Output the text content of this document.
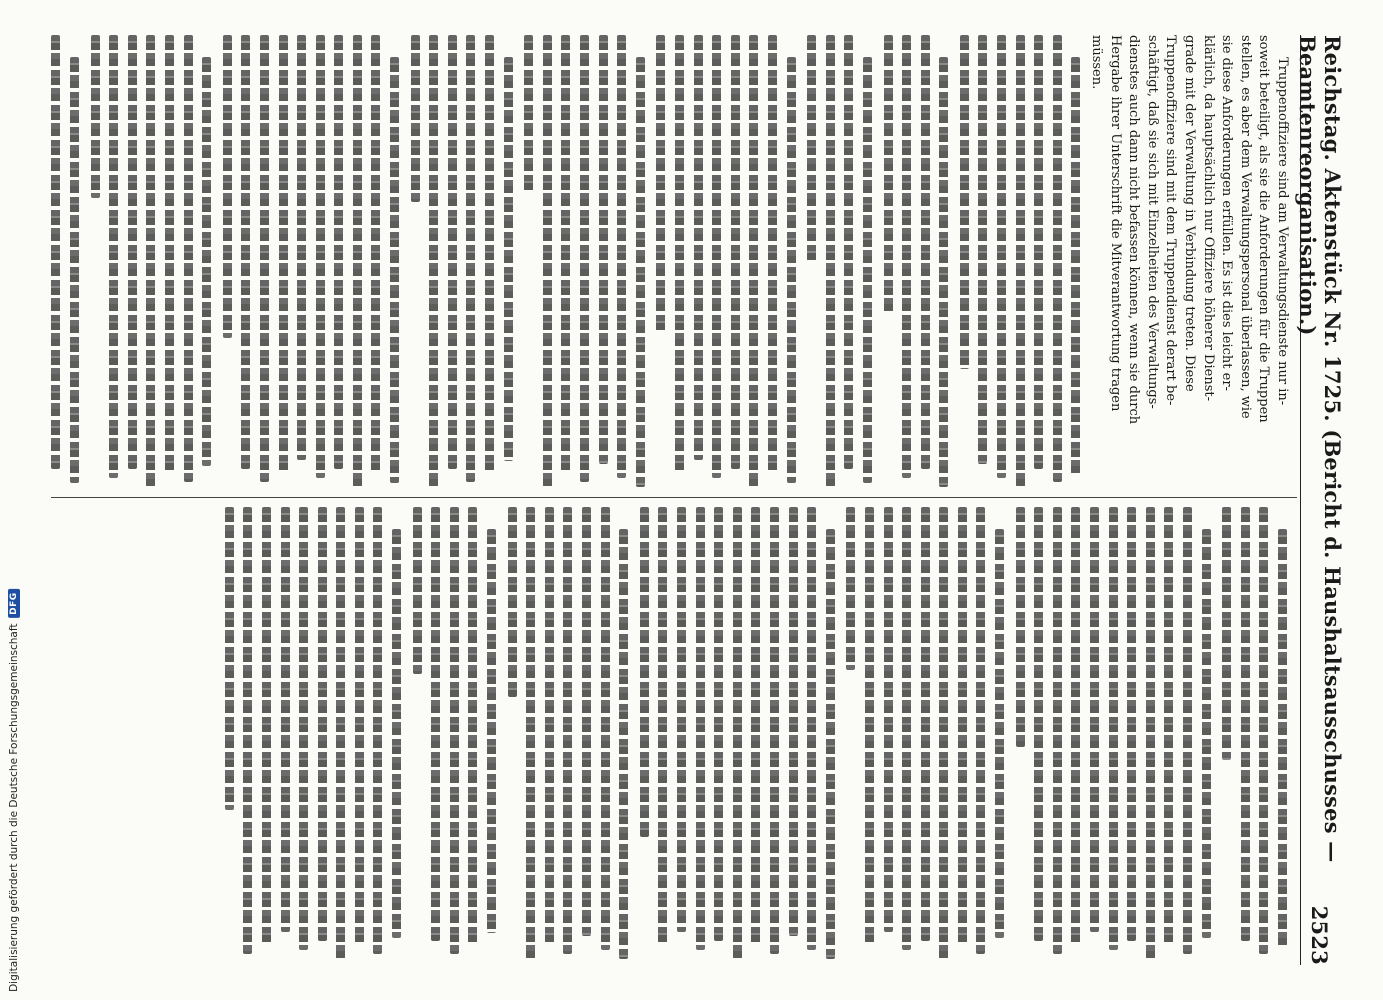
Reichstag. Aktenstück Nr. 1725. (Bericht d. Haushaltsausschusses — Beamtenreorganisation.)
2523
Truppenoffiziere sind am Verwaltungsdienste nur in-
soweit beteiligt, als sie die Anforderungen für die Truppen
stellen, es aber dem Verwaltungspersonal überlassen, wie
sie diese Anforderungen erfüllen. Es ist dies leicht er-
klärlich, da hauptsächlich nur Offiziere höherer Dienst-
grade mit der Verwaltung in Verbindung treten. Diese
Truppenoffiziere sind mit dem Truppendienst derart be-
schäftigt, daß sie sich mit Einzelheiten des Verwaltungs-
dienstes auch dann nicht befassen können, wenn sie durch
Hergabe ihrer Unterschrift die Mitverantwortung tragen
müssen.
Digitalisierung gefördert durch die Deutsche Forschungsgemeinschaft
DFG
